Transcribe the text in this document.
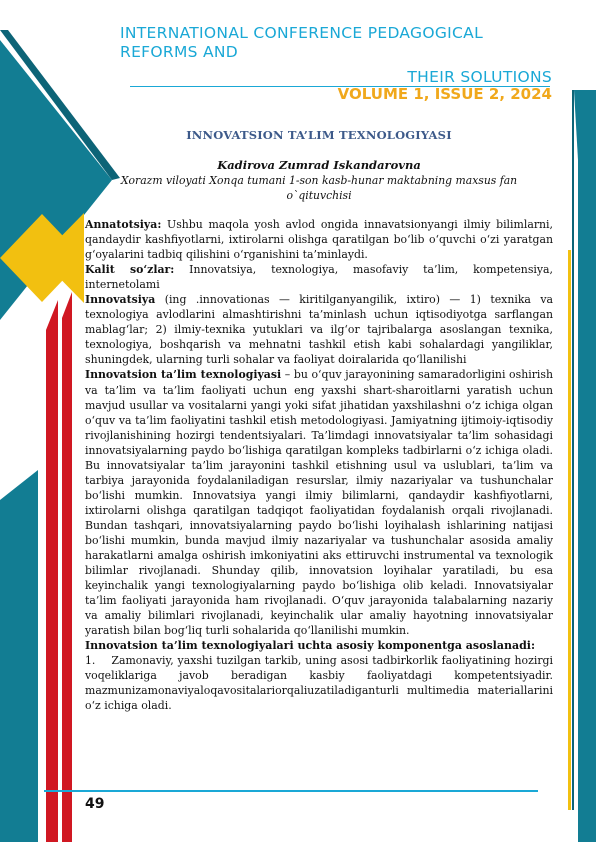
INTERNATIONAL CONFERENCE PEDAGOGICAL REFORMS AND
THEIR SOLUTIONS
VOLUME 1, ISSUE 2, 2024

INNOVATSION TA’LIM TEXNOLOGIYASI

Kadirova Zumrad Iskandarovna

Xorazm viloyati Xonqa tumani 1-son kasb-hunar maktabning maxsus fan o`qituvchisi

Annatotsiya: Ushbu maqola yosh avlod ongida innavatsionyangi ilmiy bilimlarni, qandaydir kashfiyotlarni, ixtirolarni olishga qaratilgan bo‘lib o‘quvchi o‘zi yaratgan g‘oyalarini tadbiq qilishini o‘rganishini ta’minlaydi.

Kalit so‘zlar: Innovatsiya, texnologiya, masofaviy ta’lim, kompetensiya, internetolami

Innovatsiya (ing .innovationas — kiritilganyangilik, ixtiro) — 1) texnika va texnologiya avlodlarini almashtirishni ta’minlash uchun iqtisodiyotga sarflangan mablag‘lar; 2) ilmiy-texnika yutuklari va ilg‘or tajribalarga asoslangan texnika, texnologiya, boshqarish va mehnatni tashkil etish kabi sohalardagi yangiliklar, shuningdek, ularning turli sohalar va faoliyat doiralarida qo‘llanilishi

Innovatsion ta’lim texnologiyasi – bu o‘quv jarayonining samaradorligini oshirish va ta’lim va ta’lim faoliyati uchun eng yaxshi shart-sharoitlarni yaratish uchun mavjud usullar va vositalarni yangi yoki sifat jihatidan yaxshilashni o‘z ichiga olgan o‘quv va ta’lim faoliyatini tashkil etish metodologiyasi. Jamiyatning ijtimoiy-iqtisodiy rivojlanishining hozirgi tendentsiyalari. Ta’limdagi innovatsiyalar ta’lim sohasidagi innovatsiyalarning paydo bo‘lishiga qaratilgan kompleks tadbirlarni o‘z ichiga oladi. Bu innovatsiyalar ta’lim jarayonini tashkil etishning usul va uslublari, ta’lim va tarbiya jarayonida foydalaniladigan resurslar, ilmiy nazariyalar va tushunchalar bo‘lishi mumkin. Innovatsiya yangi ilmiy bilimlarni, qandaydir kashfiyotlarni, ixtirolarni olishga qaratilgan tadqiqot faoliyatidan foydalanish orqali rivojlanadi. Bundan tashqari, innovatsiyalarning paydo bo‘lishi loyihalash ishlarining natijasi bo‘lishi mumkin, bunda mavjud ilmiy nazariyalar va tushunchalar asosida amaliy harakatlarni amalga oshirish imkoniyatini aks ettiruvchi instrumental va texnologik bilimlar rivojlanadi. Shunday qilib, innovatsion loyihalar yaratiladi, bu esa keyinchalik yangi texnologiyalarning paydo bo‘lishiga olib keladi. Innovatsiyalar ta’lim faoliyati jarayonida ham rivojlanadi. O‘quv jarayonida talabalarning nazariy va amaliy bilimlari rivojlanadi, keyinchalik ular amaliy hayotning innovatsiyalar yaratish bilan bog‘liq turli sohalarida qo‘llanilishi mumkin.

Innovatsion ta’lim texnologiyalari uchta asosiy komponentga asoslanadi:

1. Zamonaviy, yaxshi tuzilgan tarkib, uning asosi tadbirkorlik faoliyatining hozirgi voqeliklariga javob beradigan kasbiy faoliyatdagi kompetentsiyadir. mazmunizamonaviyaloqavositalariorqaliuzatiladiganturli multimedia materiallarini o‘z ichiga oladi.

49
